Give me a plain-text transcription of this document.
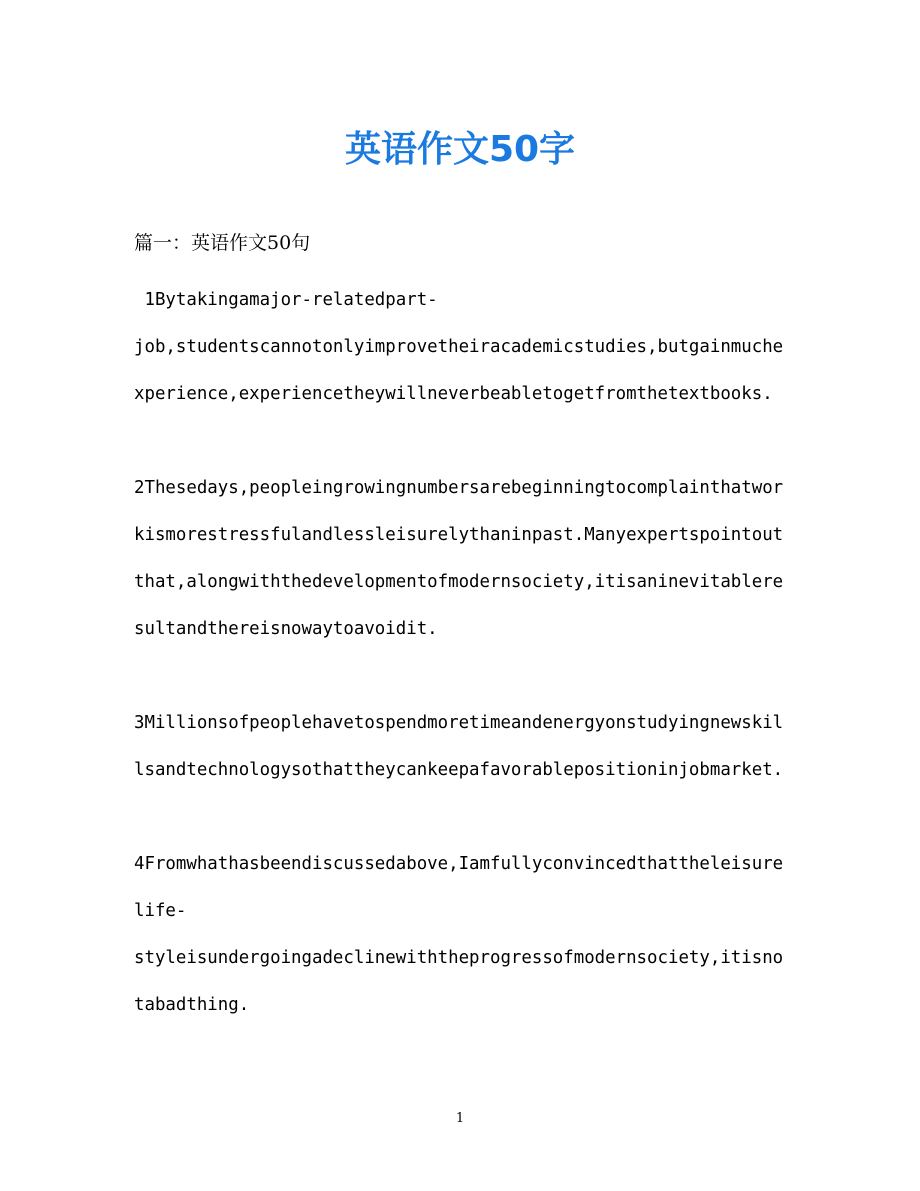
英语作文50字
篇一：英语作文50句
1Bytakingamajor-relatedpart-
job,studentscannotonlyimprovetheiracademicstudies,butgainmuche
xperience,experiencetheywillneverbeabletogetfromthetextbooks.
2Thesedays,peopleingrowingnumbersarebeginningtocomplainthatwor
kismorestressfulandlessleisurelythaninpast.Manyexpertspointout
that,alongwiththedevelopmentofmodernsociety,itisaninevitablere
sultandthereisnowaytoavoidit.
3Millionsofpeoplehavetospendmoretimeandenergyonstudyingnewskil
lsandtechnologysothattheycankeepafavorablepositioninjobmarket.
4Fromwhathasbeendiscussedabove,Iamfullyconvincedthattheleisure
life-
styleisundergoingadeclinewiththeprogressofmodernsociety,itisno
tabadthing.
1
